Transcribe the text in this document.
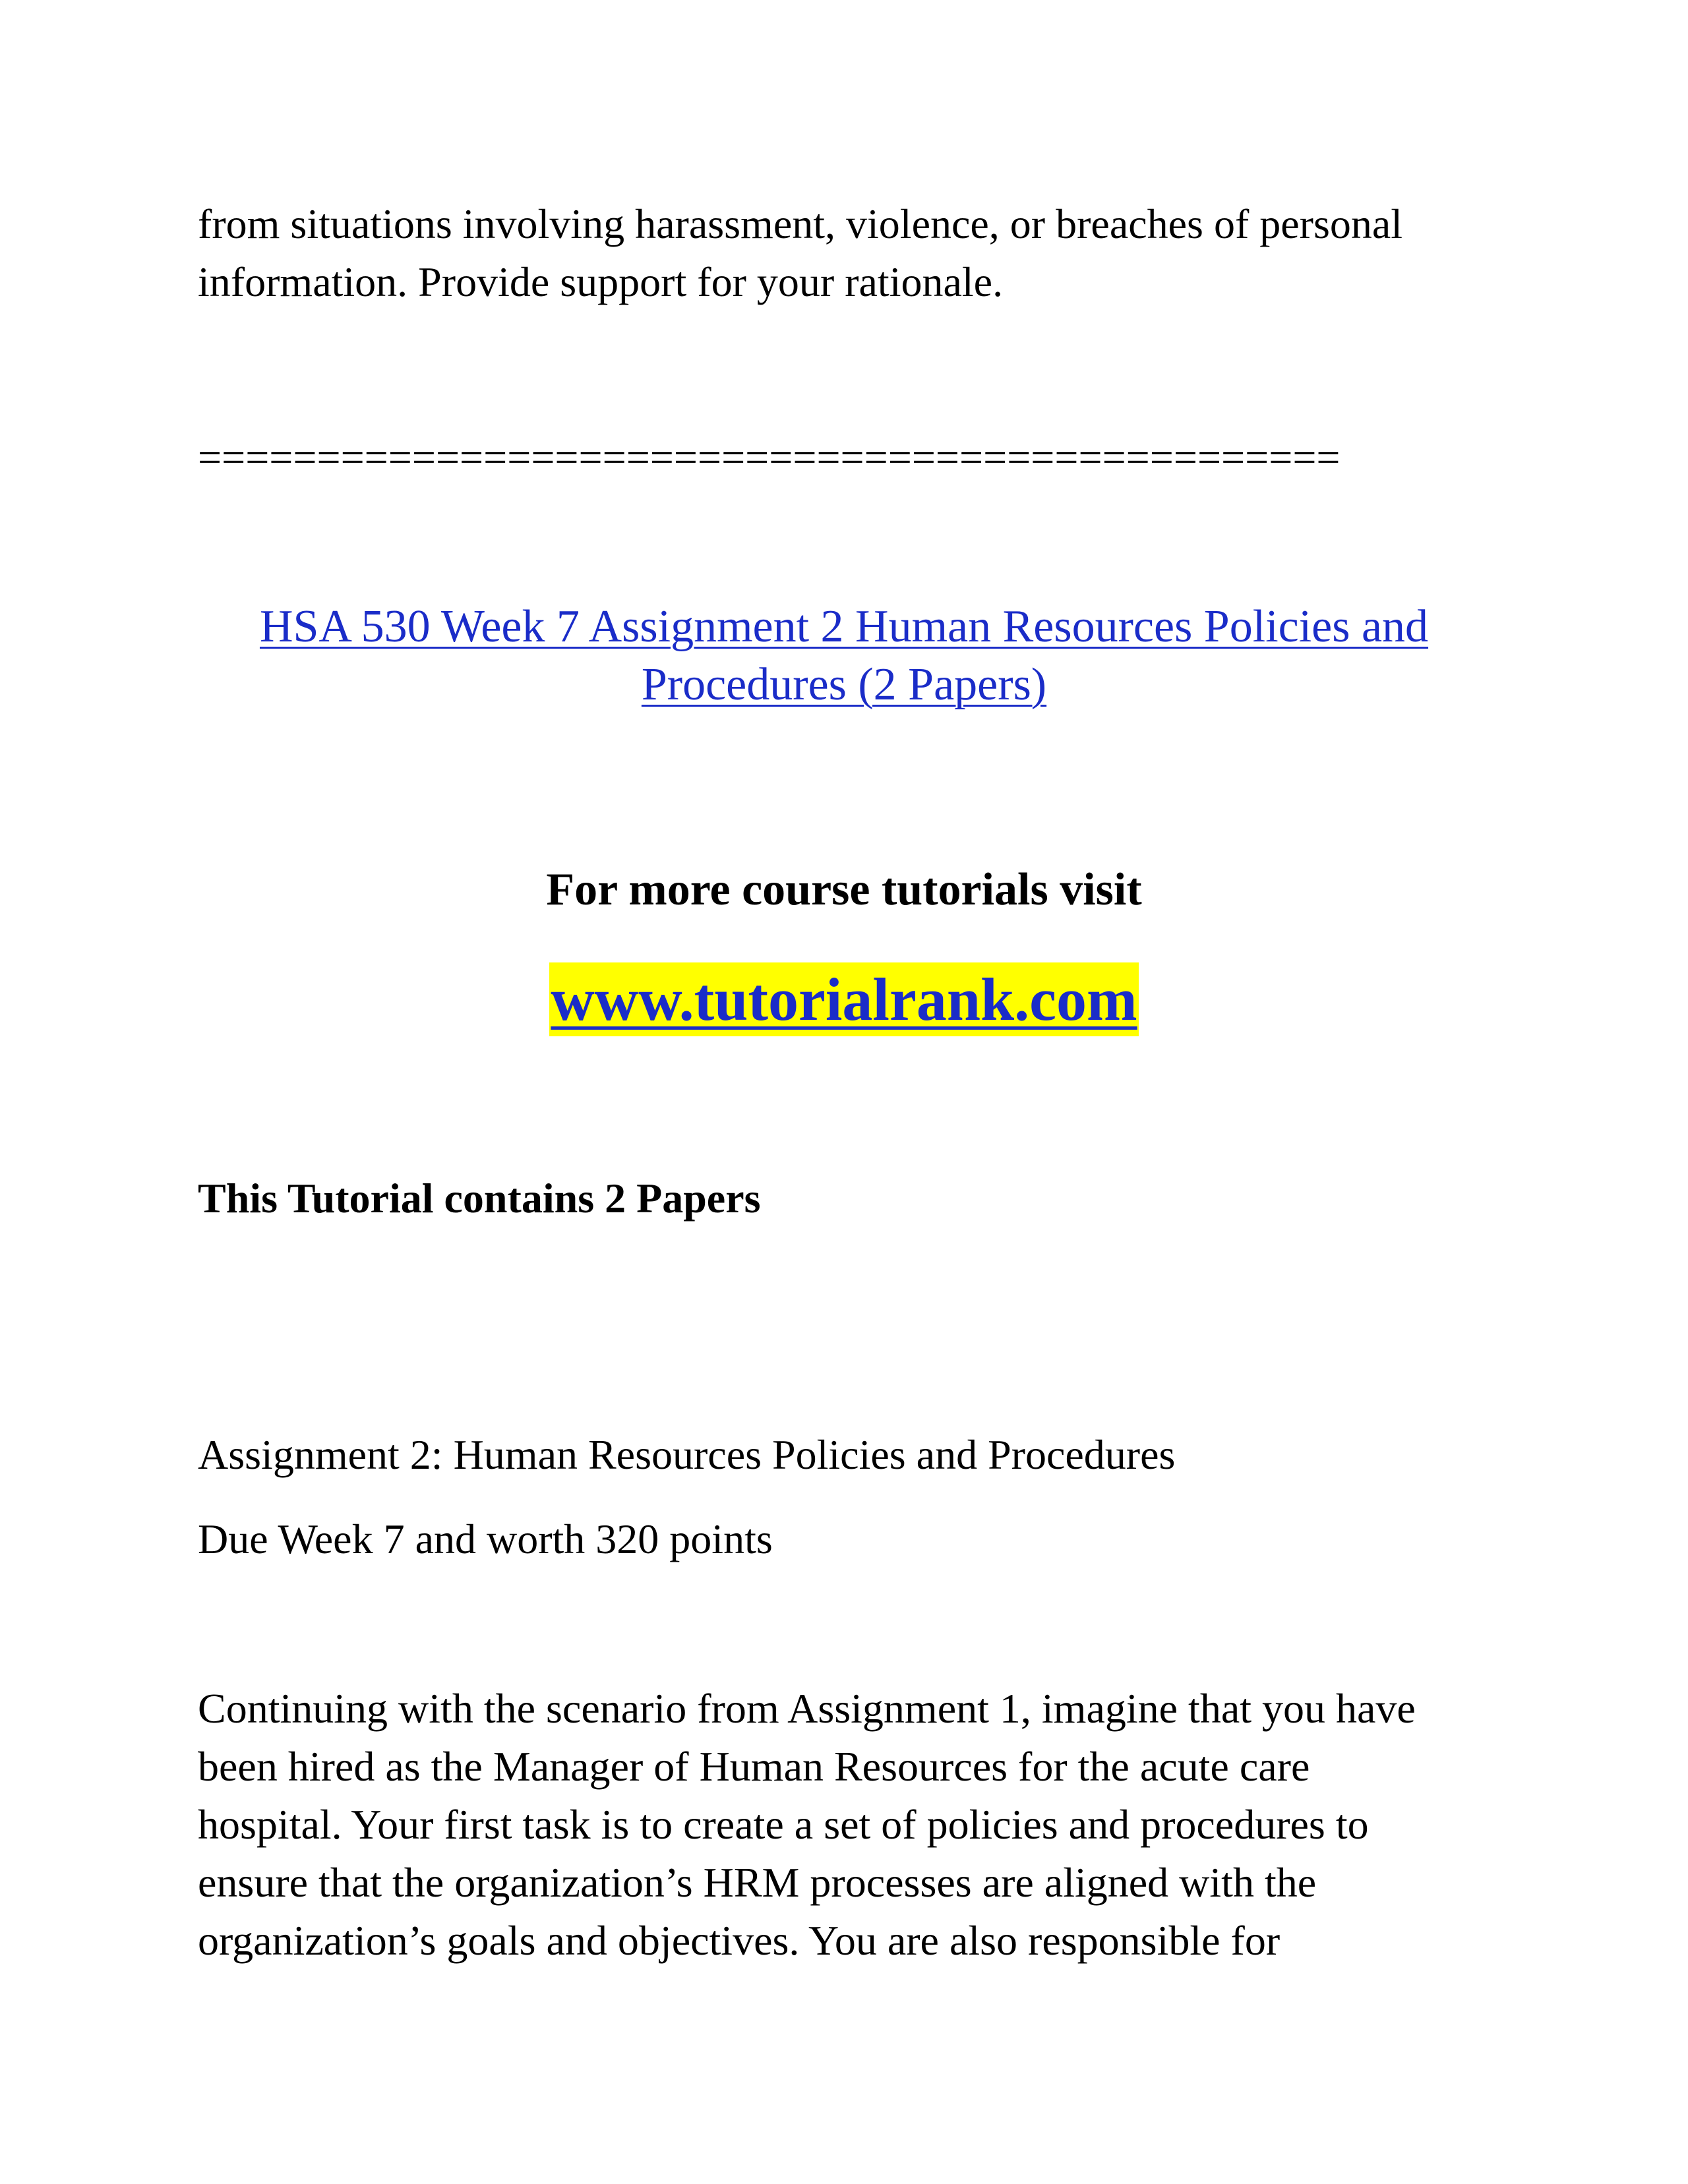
from situations involving harassment, violence, or breaches of personal
information. Provide support for your rationale.
================================================
HSA 530 Week 7 Assignment 2 Human Resources Policies and
Procedures (2 Papers)
For more course tutorials visit
www.tutorialrank.com
This Tutorial contains 2 Papers
Assignment 2: Human Resources Policies and Procedures
Due Week 7 and worth 320 points
Continuing with the scenario from Assignment 1, imagine that you have
been hired as the Manager of Human Resources for the acute care
hospital. Your first task is to create a set of policies and procedures to
ensure that the organization’s HRM processes are aligned with the
organization’s goals and objectives. You are also responsible for
